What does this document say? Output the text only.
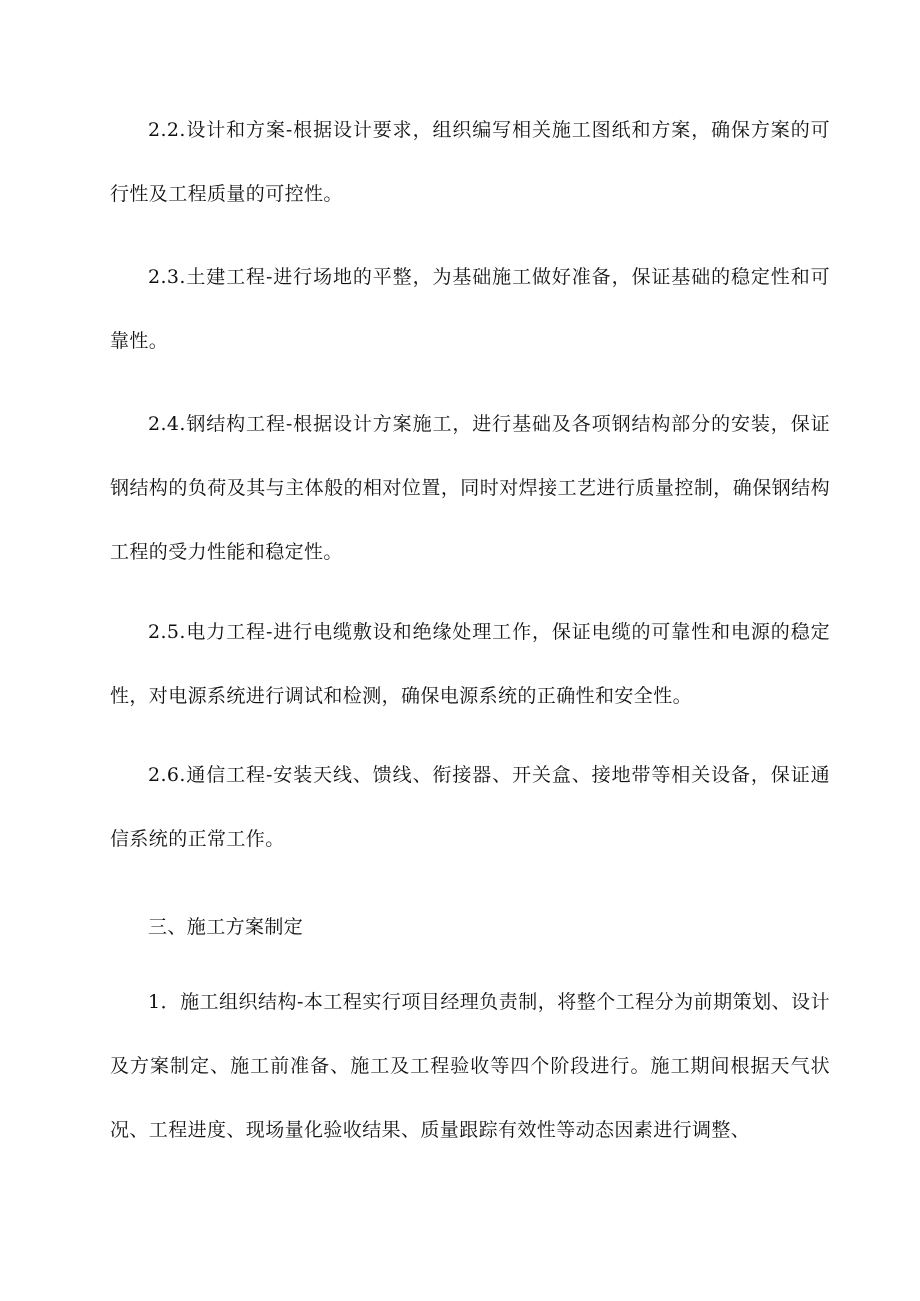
2.2.设计和方案-根据设计要求，组织编写相关施工图纸和方案，确保方案的可行性及工程质量的可控性。

2.3.土建工程-进行场地的平整，为基础施工做好准备，保证基础的稳定性和可靠性。

2.4.钢结构工程-根据设计方案施工，进行基础及各项钢结构部分的安装，保证钢结构的负荷及其与主体般的相对位置，同时对焊接工艺进行质量控制，确保钢结构工程的受力性能和稳定性。

2.5.电力工程-进行电缆敷设和绝缘处理工作，保证电缆的可靠性和电源的稳定性，对电源系统进行调试和检测，确保电源系统的正确性和安全性。

2.6.通信工程-安装天线、馈线、衔接器、开关盒、接地带等相关设备，保证通信系统的正常工作。

三、施工方案制定

1．施工组织结构-本工程实行项目经理负责制，将整个工程分为前期策划、设计及方案制定、施工前准备、施工及工程验收等四个阶段进行。施工期间根据天气状况、工程进度、现场量化验收结果、质量跟踪有效性等动态因素进行调整、
